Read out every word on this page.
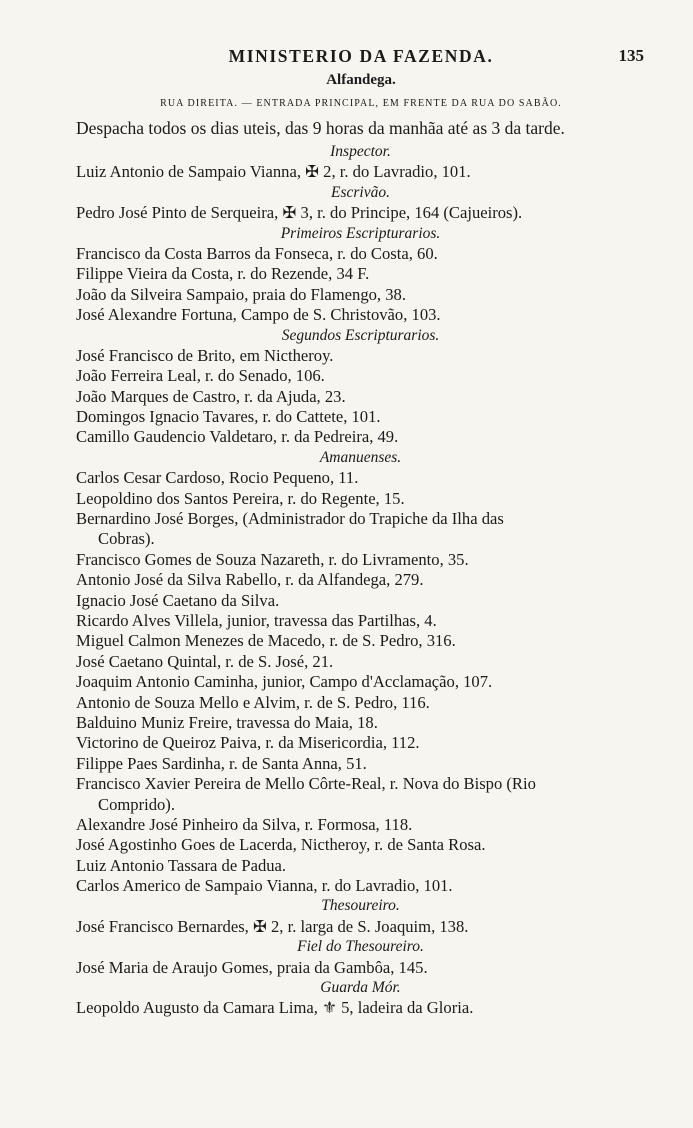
MINISTERIO DA FAZENDA.	135
Alfandega.
RUA DIREITA. — ENTRADA PRINCIPAL, EM FRENTE DA RUA DO SABÃO.
Despacha todos os dias uteis, das 9 horas da manhãa até as 3 da tarde.
Inspector.
Luiz Antonio de Sampaio Vianna, ✠ 2, r. do Lavradio, 101.
Escrivão.
Pedro José Pinto de Serqueira, ✠ 3, r. do Principe, 164 (Cajueiros).
Primeiros Escripturarios.
Francisco da Costa Barros da Fonseca, r. do Costa, 60.
Filippe Vieira da Costa, r. do Rezende, 34 F.
João da Silveira Sampaio, praia do Flamengo, 38.
José Alexandre Fortuna, Campo de S. Christovão, 103.
Segundos Escripturarios.
José Francisco de Brito, em Nictheroy.
João Ferreira Leal, r. do Senado, 106.
João Marques de Castro, r. da Ajuda, 23.
Domingos Ignacio Tavares, r. do Cattete, 101.
Camillo Gaudencio Valdetaro, r. da Pedreira, 49.
Amanuenses.
Carlos Cesar Cardoso, Rocio Pequeno, 11.
Leopoldino dos Santos Pereira, r. do Regente, 15.
Bernardino José Borges, (Administrador do Trapiche da Ilha das
Cobras).
Francisco Gomes de Souza Nazareth, r. do Livramento, 35.
Antonio José da Silva Rabello, r. da Alfandega, 279.
Ignacio José Caetano da Silva.
Ricardo Alves Villela, junior, travessa das Partilhas, 4.
Miguel Calmon Menezes de Macedo, r. de S. Pedro, 316.
José Caetano Quintal, r. de S. José, 21.
Joaquim Antonio Caminha, junior, Campo d'Acclamação, 107.
Antonio de Souza Mello e Alvim, r. de S. Pedro, 116.
Balduino Muniz Freire, travessa do Maia, 18.
Victorino de Queiroz Paiva, r. da Misericordia, 112.
Filippe Paes Sardinha, r. de Santa Anna, 51.
Francisco Xavier Pereira de Mello Côrte-Real, r. Nova do Bispo (Rio
Comprido).
Alexandre José Pinheiro da Silva, r. Formosa, 118.
José Agostinho Goes de Lacerda, Nictheroy, r. de Santa Rosa.
Luiz Antonio Tassara de Padua.
Carlos Americo de Sampaio Vianna, r. do Lavradio, 101.
Thesoureiro.
José Francisco Bernardes, ✠ 2, r. larga de S. Joaquim, 138.
Fiel do Thesoureiro.
José Maria de Araujo Gomes, praia da Gambôa, 145.
Guarda Mór.
Leopoldo Augusto da Camara Lima, ⚜ 5, ladeira da Gloria.
